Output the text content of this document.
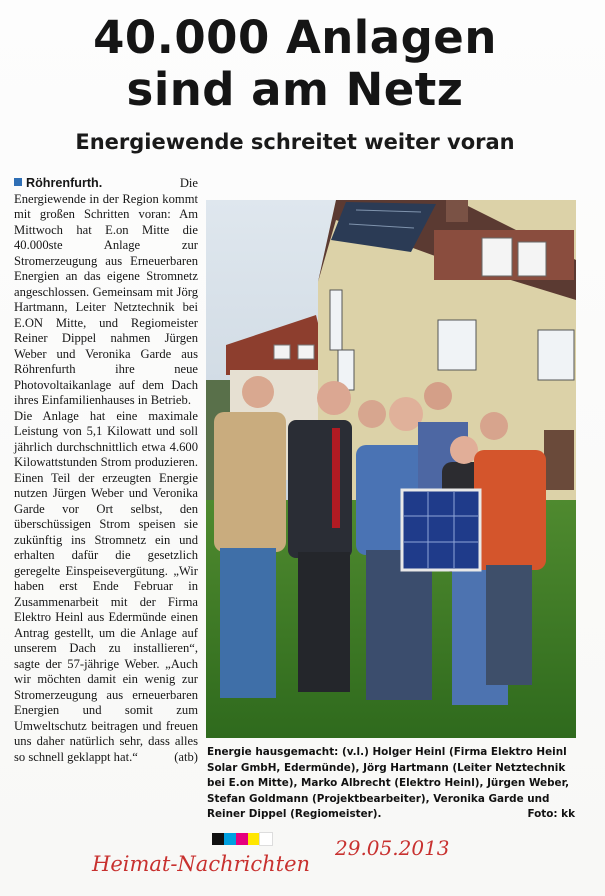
40.000 Anlagen
sind am Netz
Energiewende schreitet weiter voran

Röhrenfurth.	Die Energiewende in der Region kommt mit großen Schritten voran: Am Mittwoch hat E.on Mitte die 40.000ste Anlage zur Stromerzeugung aus Erneuerbaren Energien an das eigene Stromnetz angeschlossen. Gemeinsam mit Jörg Hartmann, Leiter Netztechnik bei E.ON Mitte, und Regiomeister Reiner Dippel nahmen Jürgen Weber und Veronika Garde aus Röhrenfurth ihre neue Photovoltaikanlage auf dem Dach ihres Einfamilienhauses in Betrieb.

Die Anlage hat eine maximale Leistung von 5,1 Kilowatt und soll jährlich durchschnittlich etwa 4.600 Kilowattstunden Strom produzieren. Einen Teil der erzeugten Energie nutzen Jürgen Weber und Veronika Garde vor Ort selbst, den überschüssigen Strom speisen sie zukünftig ins Stromnetz ein und erhalten dafür die gesetzlich geregelte Einspeisevergütung. „Wir haben erst Ende Februar in Zusammenarbeit mit der Firma Elektro Heinl aus Edermünde einen Antrag gestellt, um die Anlage auf unserem Dach zu installieren“, sagte der 57-jährige Weber. „Auch wir möchten damit ein wenig zur Stromerzeugung aus erneuerbaren Energien und somit zum Umweltschutz beitragen und freuen uns daher natürlich sehr, dass alles so schnell geklappt hat.“	(atb) Energie hausgemacht: (v.l.) Holger Heinl (Firma Elektro Heinl Solar GmbH, Edermünde), Jörg Hartmann (Leiter Netztechnik bei E.on Mitte), Marko Albrecht (Elektro Heinl), Jürgen Weber, Stefan Goldmann (Projektbearbeiter), Veronika Garde und Reiner Dippel (Regiomeister).	Foto: kk
29.05.2013
Heimat-Nachrichten
